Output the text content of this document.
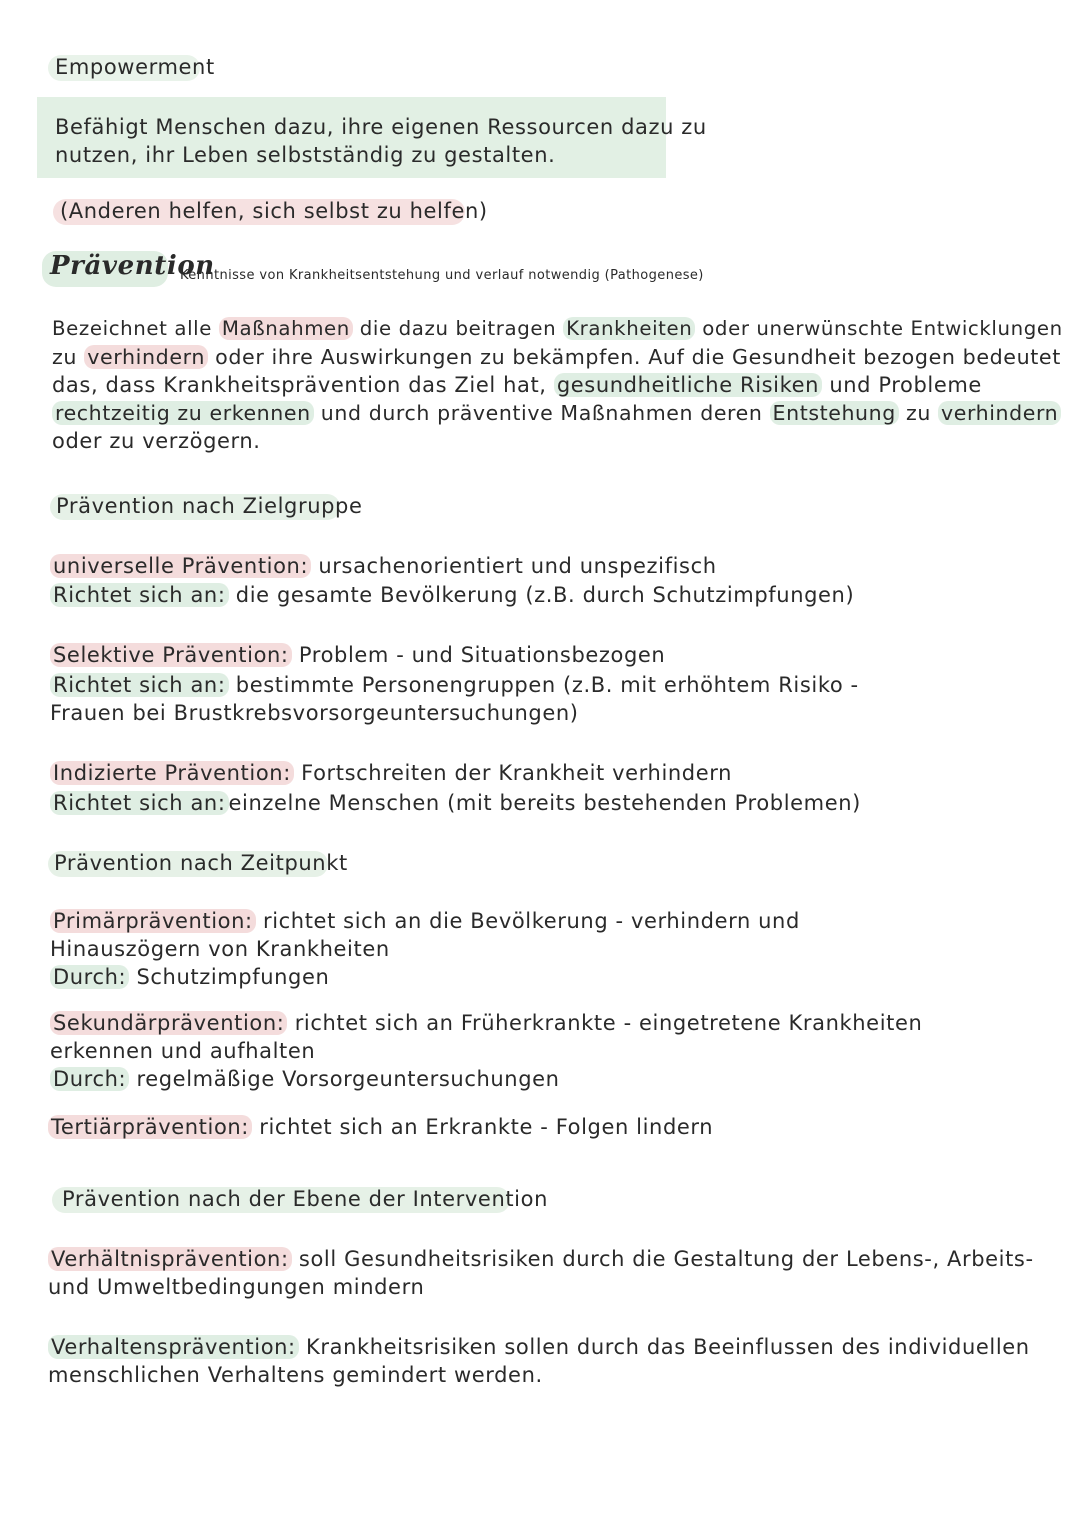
Empowerment
Befähigt Menschen dazu, ihre eigenen Ressourcen dazu zu
nutzen, ihr Leben selbstständig zu gestalten.
(Anderen helfen, sich selbst zu helfen)
Prävention
Kenntnisse von Krankheitsentstehung und verlauf notwendig (Pathogenese)
Bezeichnet alle Maßnahmen die dazu beitragen Krankheiten oder unerwünschte Entwicklungen
zu verhindern oder ihre Auswirkungen zu bekämpfen. Auf die Gesundheit bezogen bedeutet
das, dass Krankheitsprävention das Ziel hat, gesundheitliche Risiken und Probleme
rechtzeitig zu erkennen und durch präventive Maßnahmen deren Entstehung zu verhindern
oder zu verzögern.
Prävention nach Zielgruppe
universelle Prävention: ursachenorientiert und unspezifisch
Richtet sich an: die gesamte Bevölkerung (z.B. durch Schutzimpfungen)
Selektive Prävention: Problem - und Situationsbezogen
Richtet sich an: bestimmte Personengruppen (z.B. mit erhöhtem Risiko -
Frauen bei Brustkrebsvorsorgeuntersuchungen)
Indizierte Prävention: Fortschreiten der Krankheit verhindern
Richtet sich an: einzelne Menschen (mit bereits bestehenden Problemen)
Prävention nach Zeitpunkt
Primärprävention: richtet sich an die Bevölkerung - verhindern und
Hinauszögern von Krankheiten
Durch: Schutzimpfungen
Sekundärprävention: richtet sich an Früherkrankte - eingetretene Krankheiten
erkennen und aufhalten
Durch: regelmäßige Vorsorgeuntersuchungen
Tertiärprävention: richtet sich an Erkrankte - Folgen lindern
Prävention nach der Ebene der Intervention
Verhältnisprävention: soll Gesundheitsrisiken durch die Gestaltung der Lebens-, Arbeits-
und Umweltbedingungen mindern
Verhaltensprävention: Krankheitsrisiken sollen durch das Beeinflussen des individuellen
menschlichen Verhaltens gemindert werden.
